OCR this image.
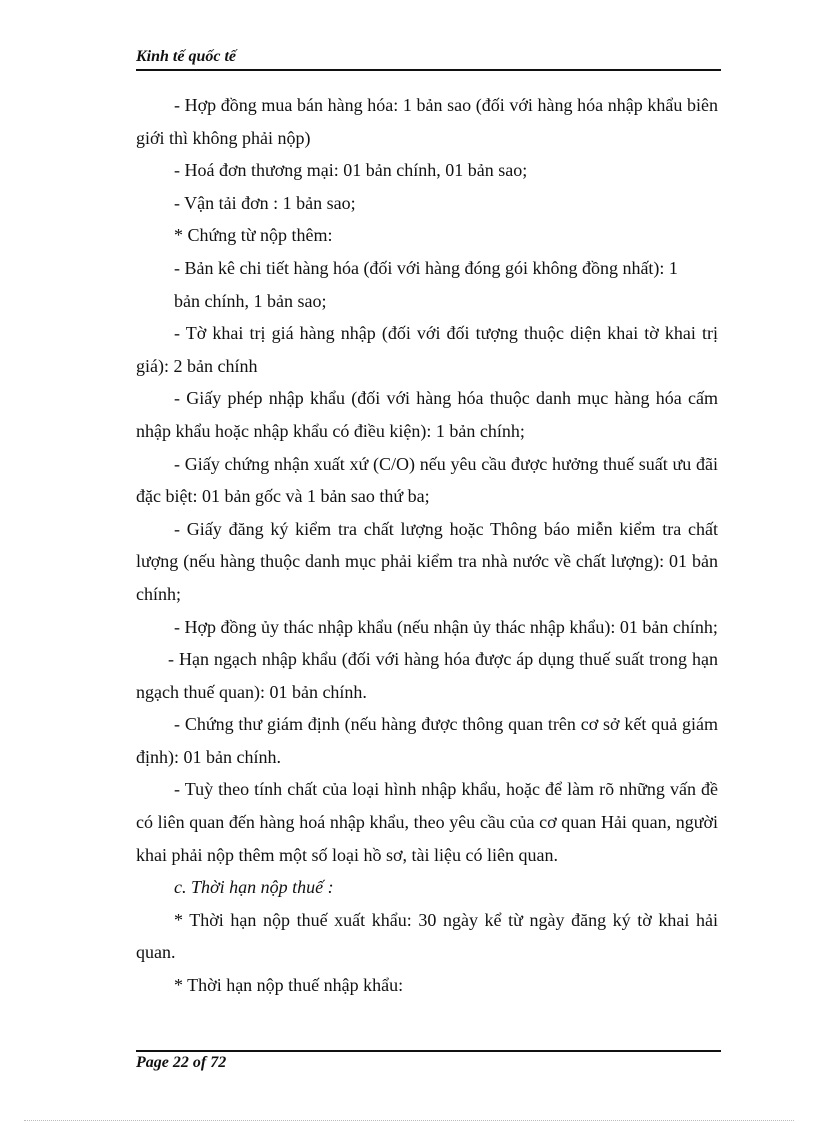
Kinh tế quốc tế

- Hợp đồng mua bán hàng hóa: 1 bản sao (đối với hàng hóa nhập khẩu biên giới thì không phải nộp)

- Hoá đơn thương mại: 01 bản chính, 01 bản sao;

- Vận tải đơn : 1 bản sao;

* Chứng từ nộp thêm:

- Bản kê chi tiết hàng hóa (đối với hàng đóng gói không đồng nhất): 1

bản chính, 1 bản sao;

- Tờ khai trị giá hàng nhập (đối với đối tượng thuộc diện khai tờ khai trị giá): 2 bản chính

- Giấy phép nhập khẩu (đối với hàng hóa thuộc danh mục hàng hóa cấm nhập khẩu hoặc nhập khẩu có điều kiện): 1 bản chính;

- Giấy chứng nhận xuất xứ (C/O) nếu yêu cầu được hưởng thuế suất ưu đãi đặc biệt: 01 bản gốc và 1 bản sao thứ ba;

- Giấy đăng ký kiểm tra chất lượng hoặc Thông báo miễn kiểm tra chất lượng (nếu hàng thuộc danh mục phải kiểm tra nhà nước về chất lượng): 01 bản chính;

- Hợp đồng ủy thác nhập khẩu (nếu nhận ủy thác nhập khẩu): 01 bản chính;

- Hạn ngạch nhập khẩu (đối với hàng hóa được áp dụng thuế suất trong hạn ngạch thuế quan): 01 bản chính.

- Chứng thư giám định (nếu hàng được thông quan trên cơ sở kết quả giám định): 01 bản chính.

- Tuỳ theo tính chất của loại hình nhập khẩu, hoặc để làm rõ những vấn đề có liên quan đến hàng hoá nhập khẩu, theo yêu cầu của cơ quan Hải quan, người khai phải nộp thêm một số loại hồ sơ, tài liệu có liên quan.

c. Thời hạn nộp thuế :

* Thời hạn nộp thuế xuất khẩu: 30 ngày kể từ ngày đăng ký tờ khai hải quan.

* Thời hạn nộp thuế nhập khẩu:

Page 22 of 72
